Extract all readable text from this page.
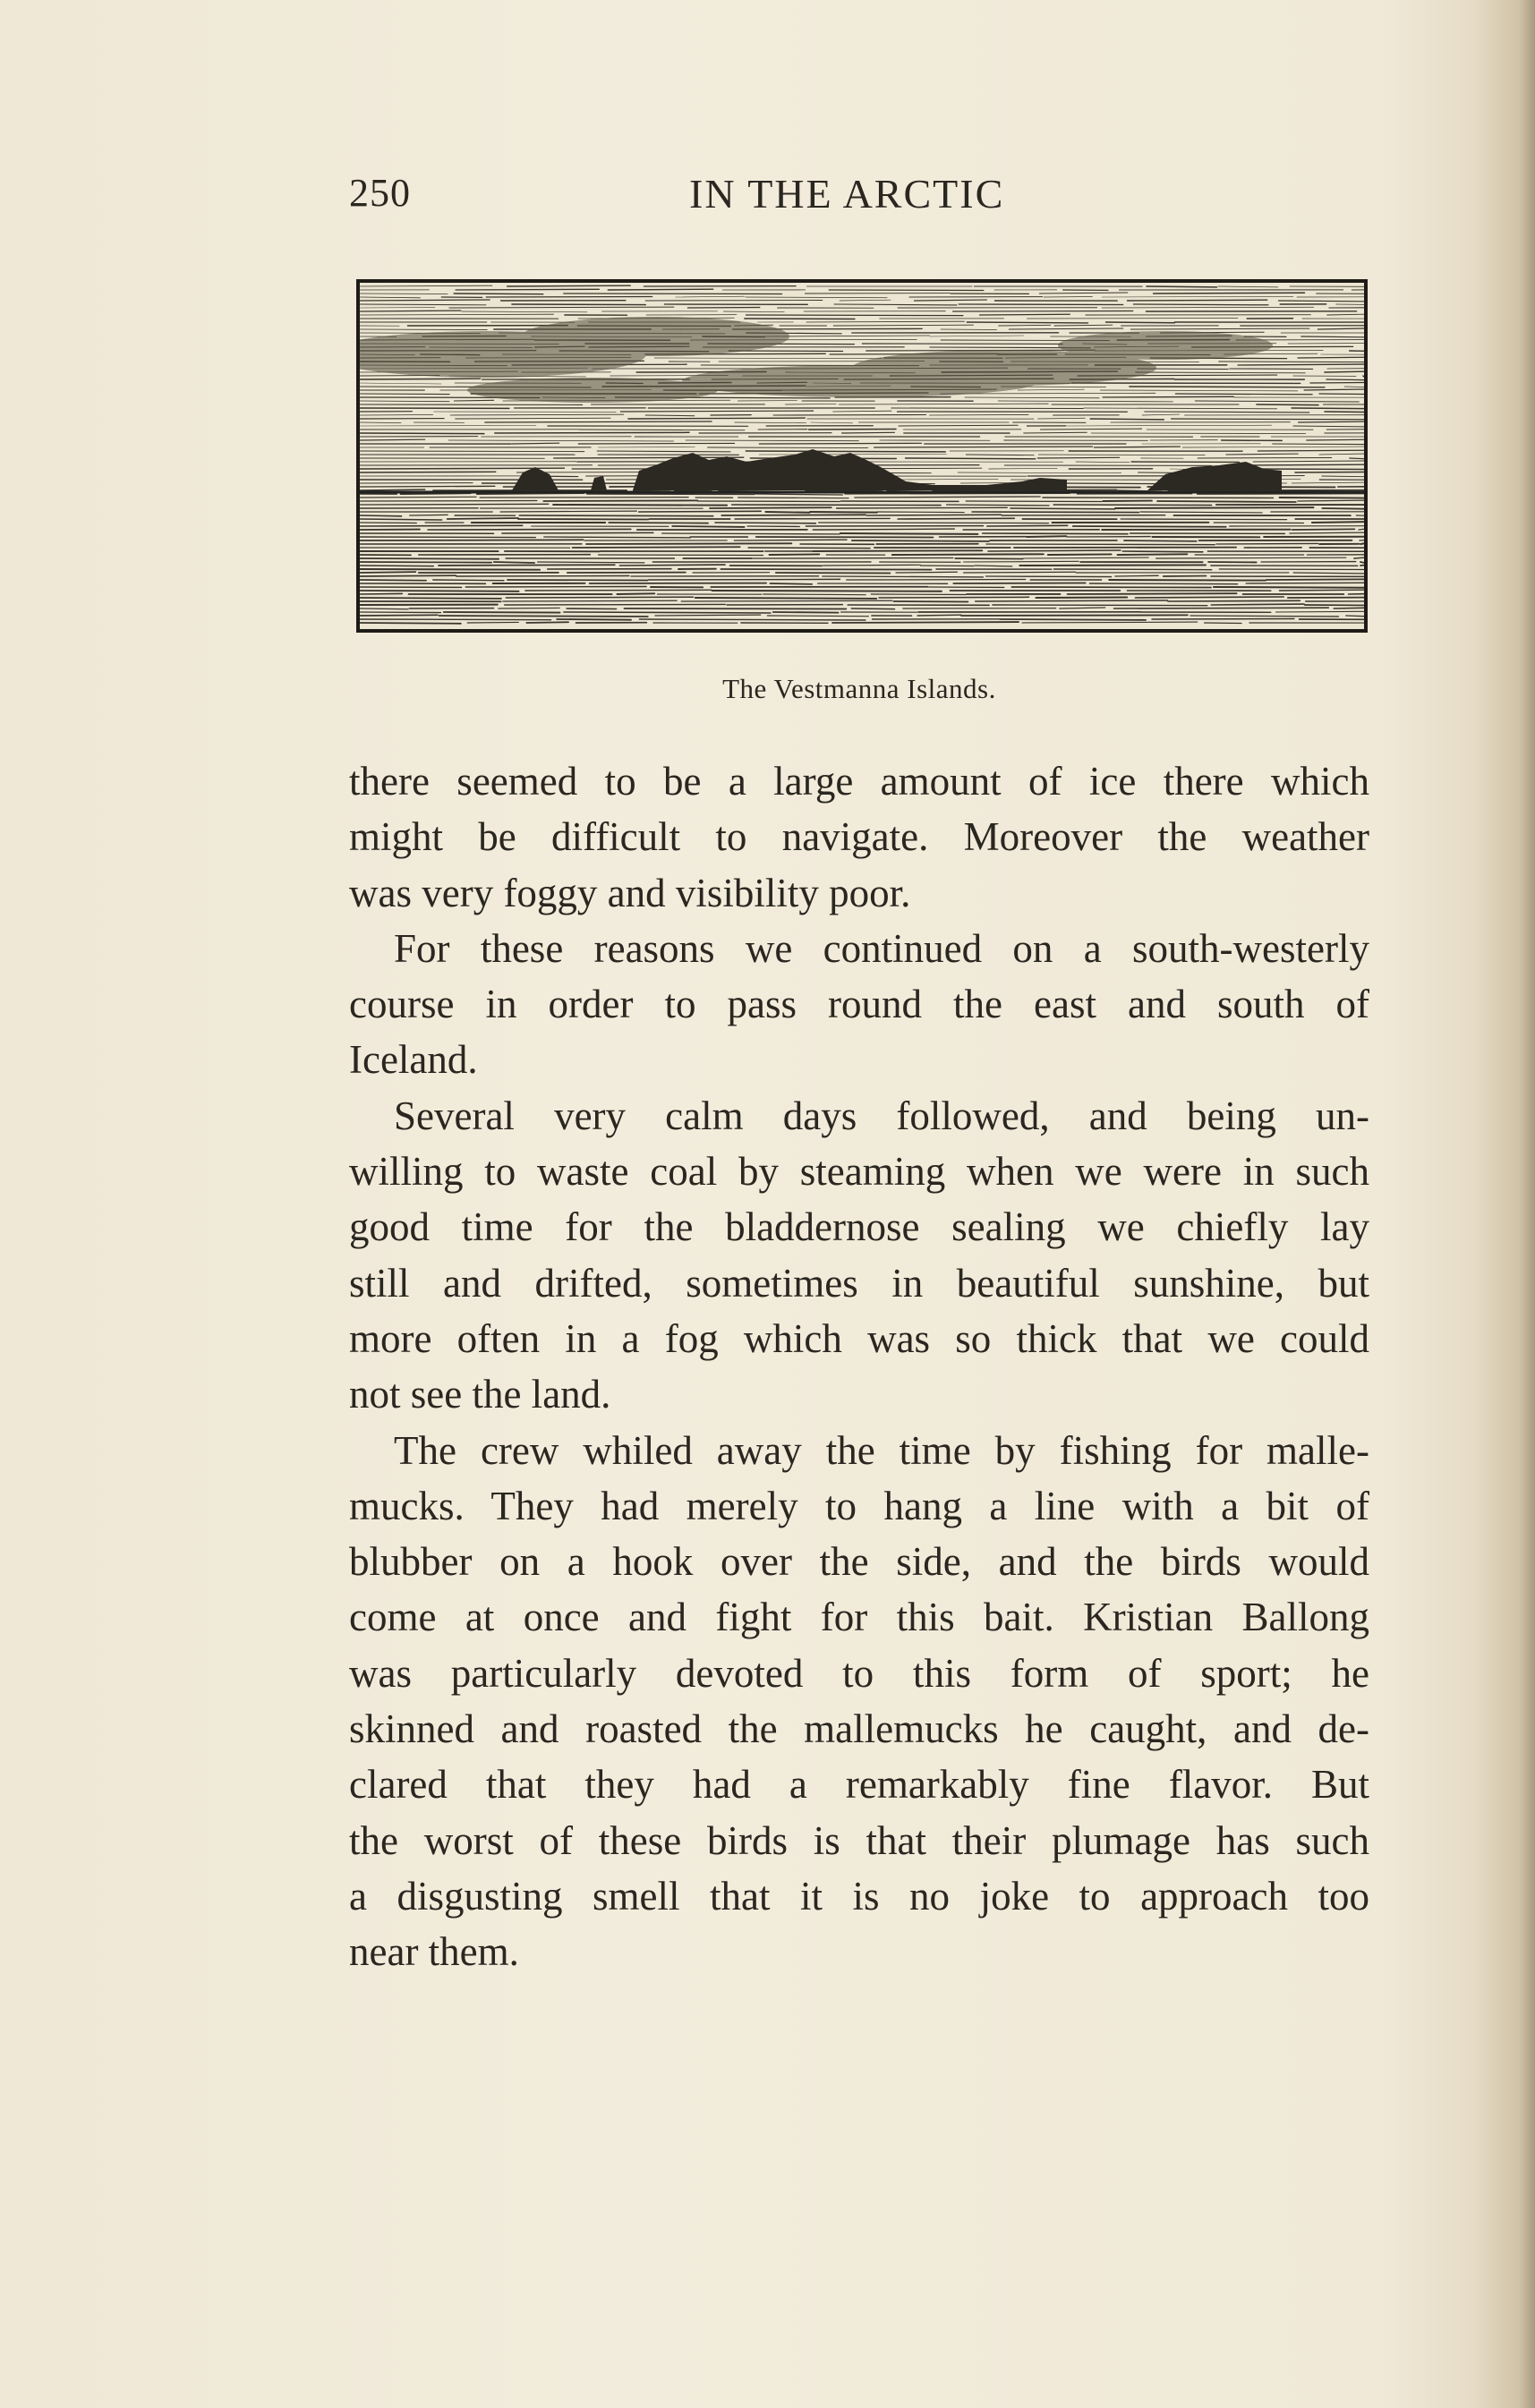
250	IN THE ARCTIC
The Vestmanna Islands.
there seemed to be a large amount of ice there which
might be difficult to navigate. Moreover the weather
was very foggy and visibility poor.
For these reasons we continued on a south-westerly
course in order to pass round the east and south of
Iceland.
Several very calm days followed, and being un-
willing to waste coal by steaming when we were in such
good time for the bladdernose sealing we chiefly lay
still and drifted, sometimes in beautiful sunshine, but
more often in a fog which was so thick that we could
not see the land.
The crew whiled away the time by fishing for malle-
mucks. They had merely to hang a line with a bit of
blubber on a hook over the side, and the birds would
come at once and fight for this bait. Kristian Ballong
was particularly devoted to this form of sport; he
skinned and roasted the mallemucks he caught, and de-
clared that they had a remarkably fine flavor. But
the worst of these birds is that their plumage has such
a disgusting smell that it is no joke to approach too
near them.
